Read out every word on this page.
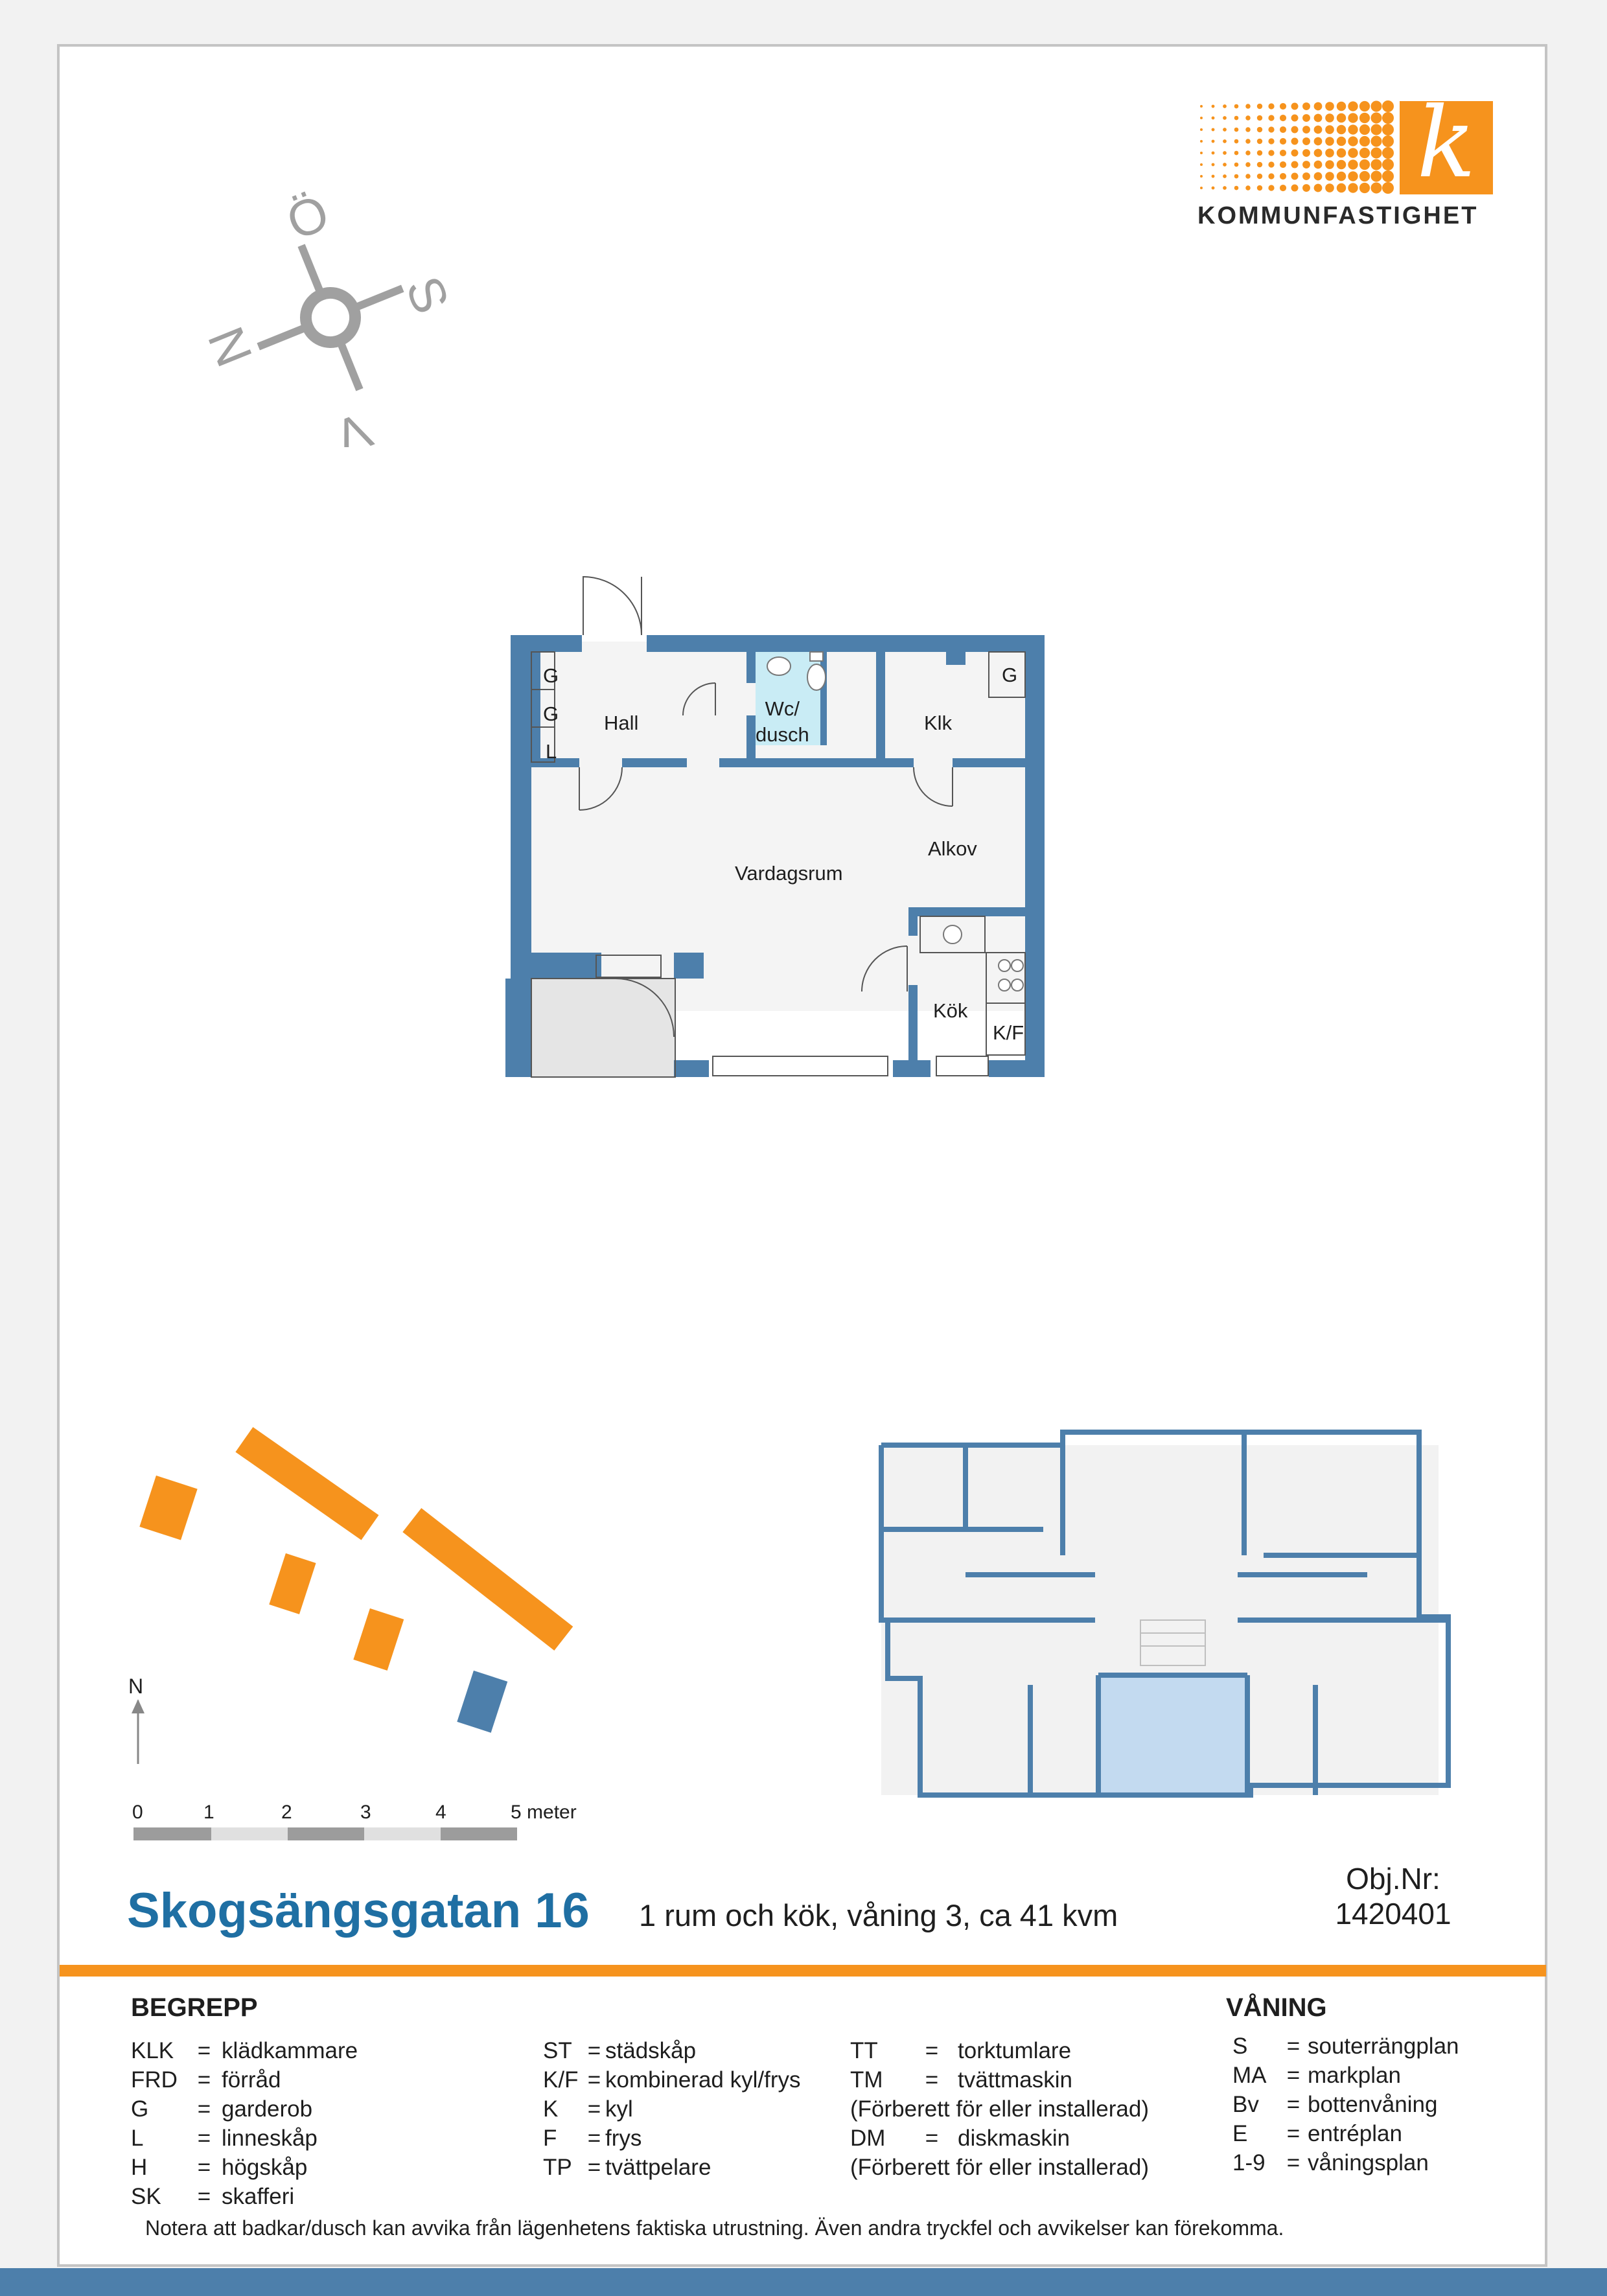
k
KOMMUNFASTIGHET
Ö
S
V
N
G
G
L
Hall
Wc/
dusch
Klk
G
Vardagsrum
Alkov
Kök
K/F
N
0	1	2	3	4	5 meter
Skogsängsgatan 16 1 rum och kök, våning 3, ca 41 kvm
Obj.Nr:
1420401
BEGREPP	VÅNING
KLK = klädkammare
FRD = förråd
G = garderob
L = linneskåp
H = högskåp
SK = skafferi
ST = städskåp
K/F = kombinerad kyl/frys
K = kyl
F = frys
TP = tvättpelare
TT = torktumlare
TM = tvättmaskin
(Förberett för eller installerad)
DM = diskmaskin
(Förberett för eller installerad)
S = souterrängplan
MA = markplan
Bv = bottenvåning
E = entréplan
1-9 = våningsplan
Notera att badkar/dusch kan avvika från lägenhetens faktiska utrustning. Även andra tryckfel och avvikelser kan förekomma.
